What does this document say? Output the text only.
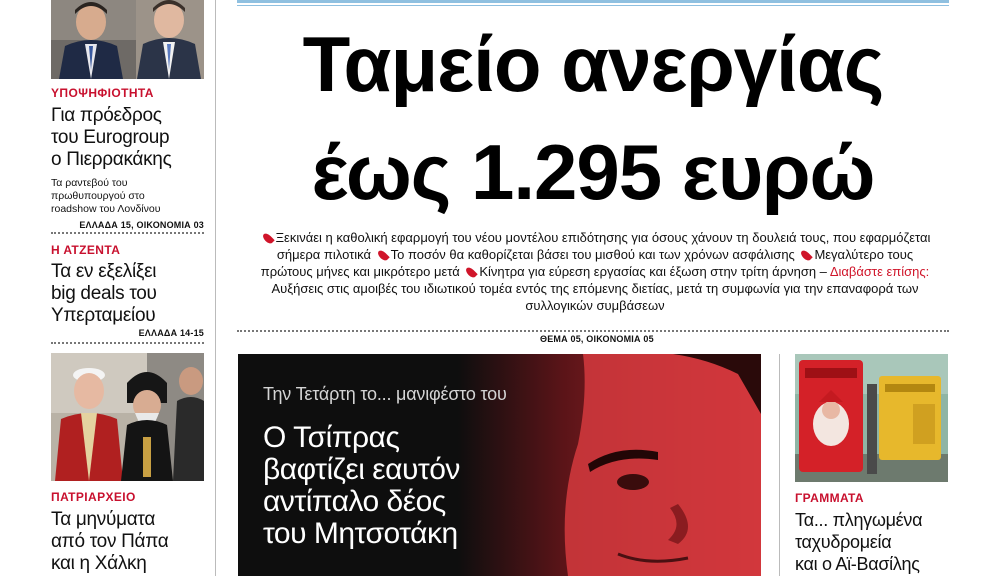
ΥΠΟΨΗΦΙΟΤΗΤΑ
Για πρόεδρος
του Eurogroup
ο Πιερρακάκης
Τα ραντεβού του
πρωθυπουργού στο
roadshow του Λονδίνου
ΕΛΛΑΔΑ 15, ΟΙΚΟΝΟΜΙΑ 03
Η ΑΤΖΕΝΤΑ
Τα εν εξελίξει
big deals του
Υπερταμείου
ΕΛΛΑΔΑ 14-15
ΠΑΤΡΙΑΡΧΕΙΟ
Τα μηνύματα
από τον Πάπα
και η Χάλκη
Ταμείο ανεργίας
έως 1.295 ευρώ
Ξεκινάει η καθολική εφαρμογή του νέου μοντέλου επιδότησης για όσους χάνουν τη δουλειά τους, που εφαρμόζεται σήμερα πιλοτικά Το ποσόν θα καθορίζεται βάσει του μισθού και των χρόνων ασφάλισης Μεγαλύτερο τους πρώτους μήνες και μικρότερο μετά Κίνητρα για εύρεση εργασίας και έξωση στην τρίτη άρνηση – Διαβάστε επίσης: Αυξήσεις στις αμοιβές του ιδιωτικού τομέα εντός της επόμενης διετίας, μετά τη συμφωνία για την επαναφορά των συλλογικών συμβάσεων
ΘΕΜΑ 05, ΟΙΚΟΝΟΜΙΑ 05
Την Τετάρτη το... μανιφέστο του
Ο Τσίπρας
βαφτίζει εαυτόν
αντίπαλο δέος
του Μητσοτάκη
ΓΡΑΜΜΑΤΑ
Τα... πληγωμένα
ταχυδρομεία
και ο Αϊ-Βασίλης
